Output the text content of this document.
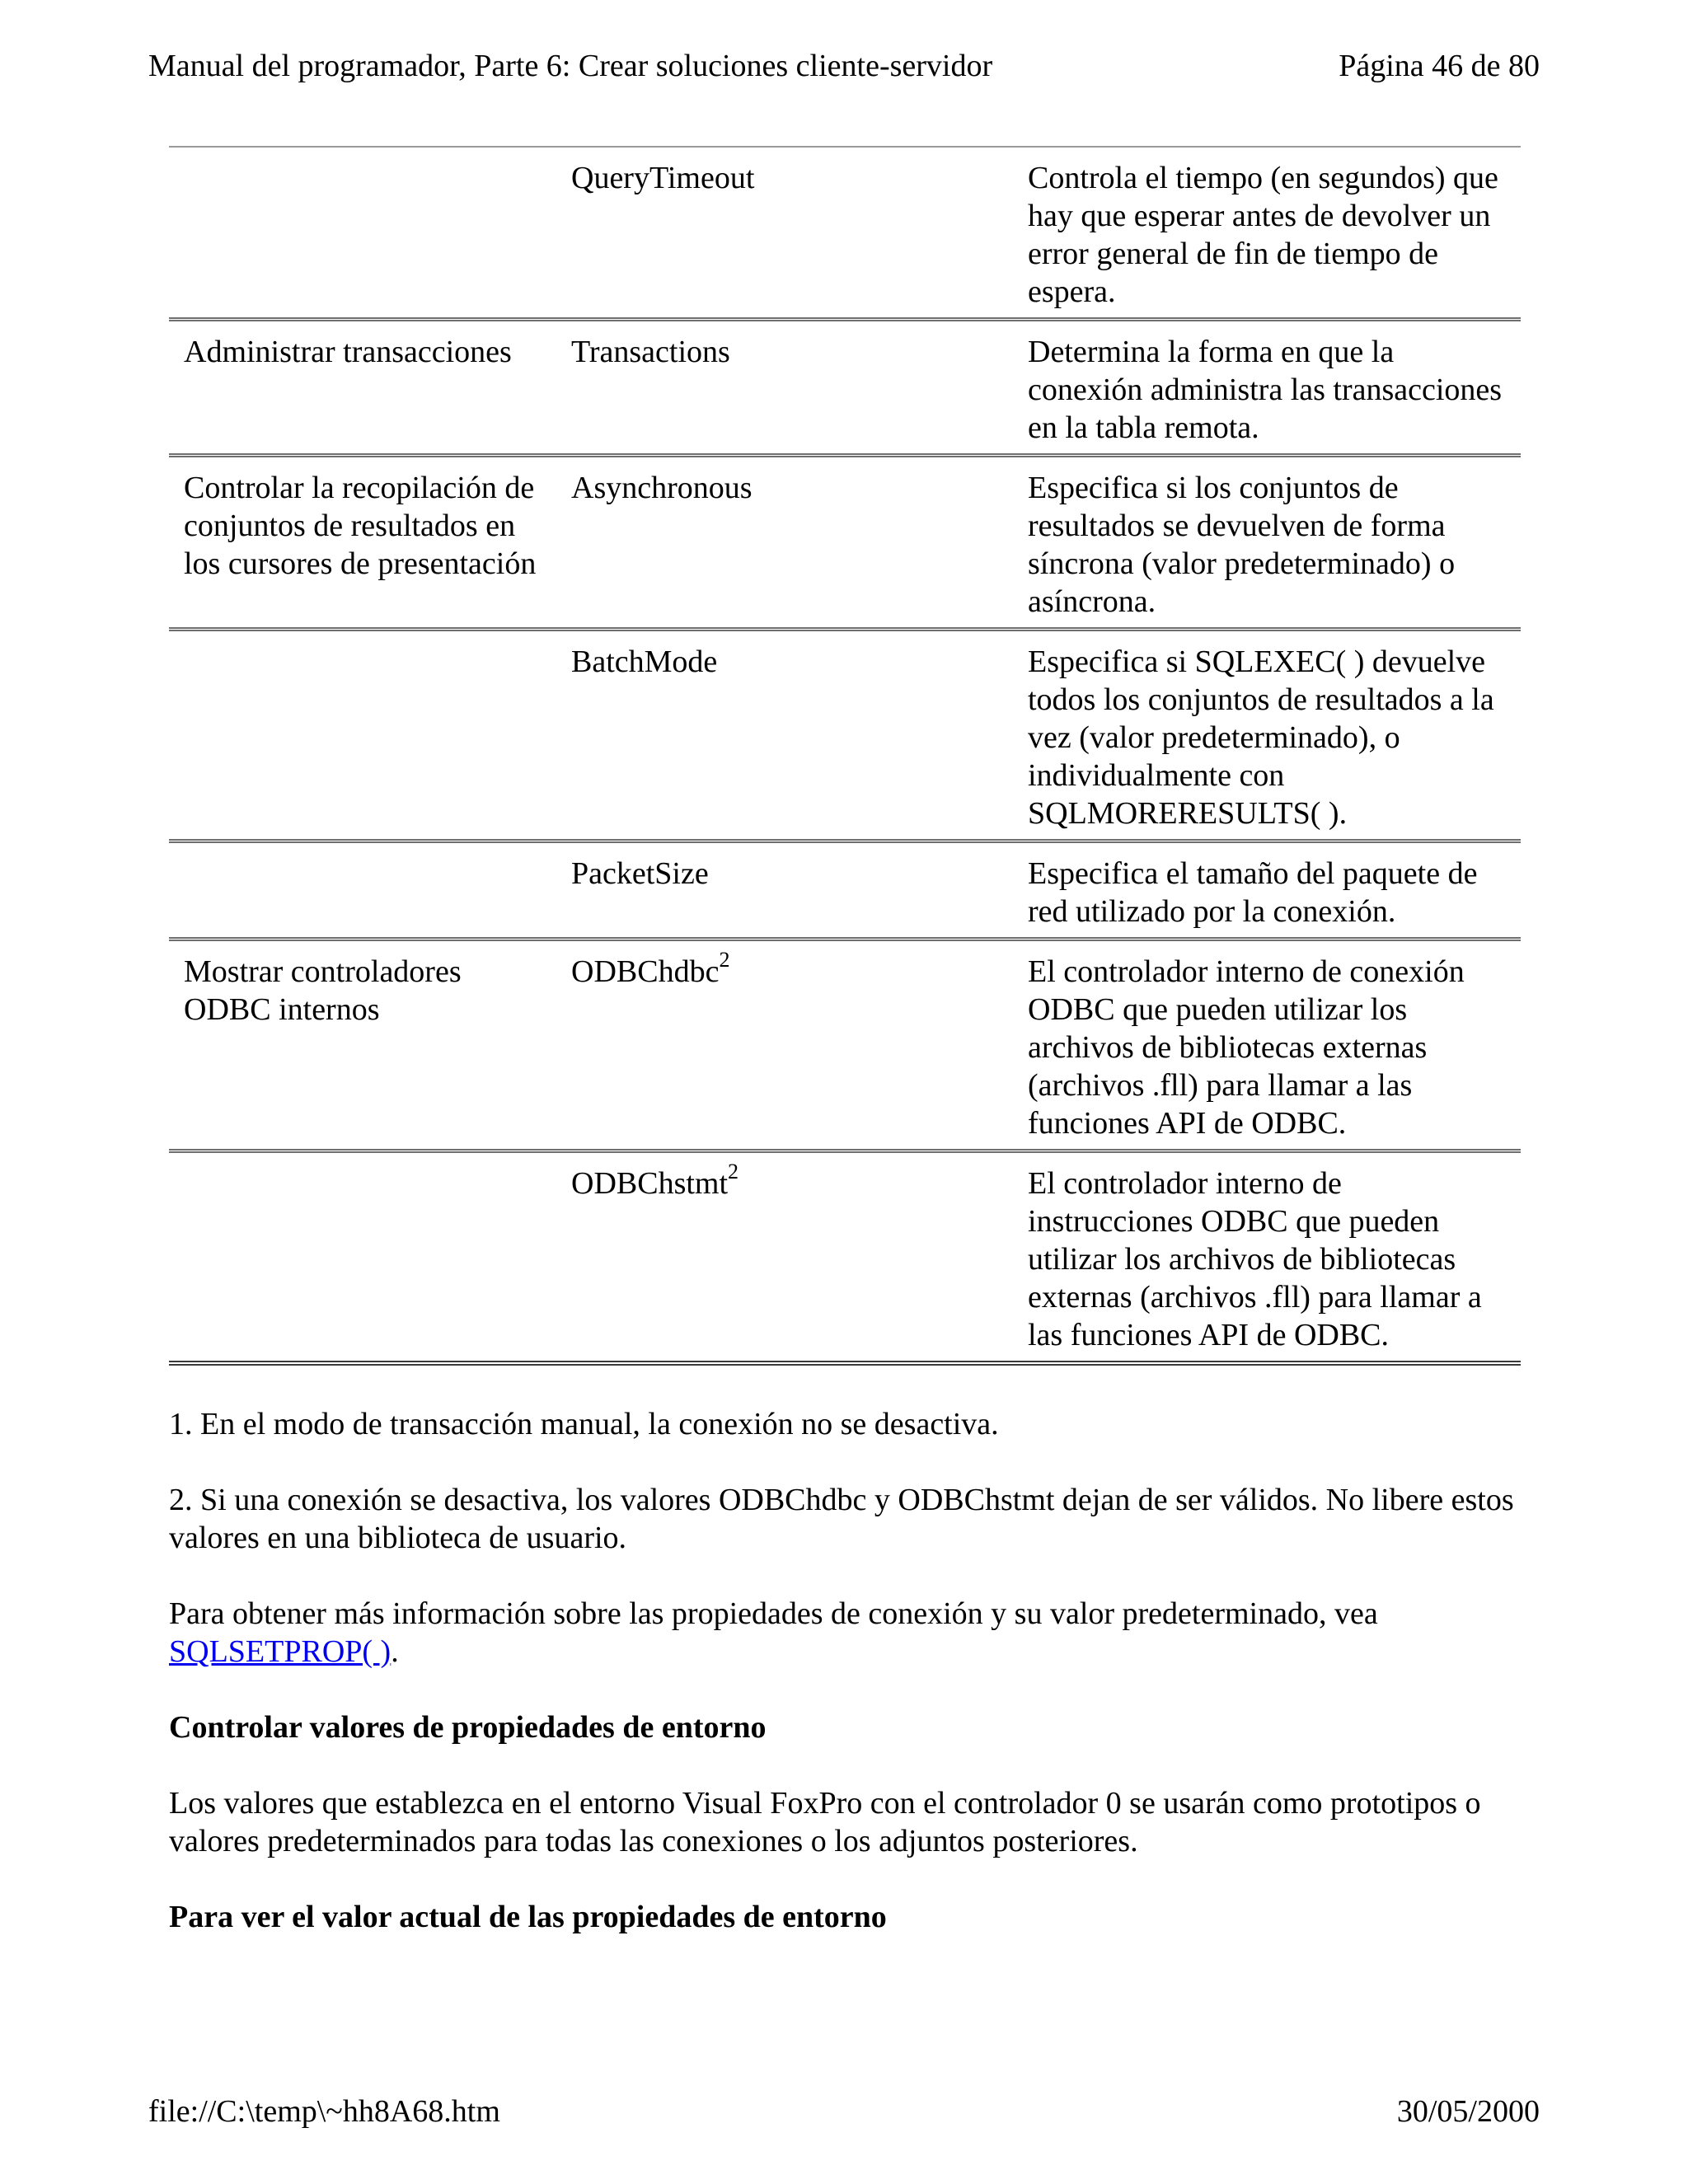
Manual del programador, Parte 6: Crear soluciones cliente-servidor	Página 46 de 80
	QueryTimeout	Controla el tiempo (en segundos) que hay que esperar antes de devolver un error general de fin de tiempo de espera.
Administrar transacciones	Transactions	Determina la forma en que la conexión administra las transacciones en la tabla remota.
Controlar la recopilación de conjuntos de resultados en los cursores de presentación	Asynchronous	Especifica si los conjuntos de resultados se devuelven de forma síncrona (valor predeterminado) o asíncrona.
	BatchMode	Especifica si SQLEXEC( ) devuelve todos los conjuntos de resultados a la vez (valor predeterminado), o individualmente con SQLMORERESULTS( ).
	PacketSize	Especifica el tamaño del paquete de red utilizado por la conexión.
Mostrar controladores ODBC internos	ODBChdbc$^2$	El controlador interno de conexión ODBC que pueden utilizar los archivos de bibliotecas externas (archivos .fll) para llamar a las funciones API de ODBC.
	ODBChstmt$^2$	El controlador interno de instrucciones ODBC que pueden utilizar los archivos de bibliotecas externas (archivos .fll) para llamar a las funciones API de ODBC.

1. En el modo de transacción manual, la conexión no se desactiva.

2. Si una conexión se desactiva, los valores ODBChdbc y ODBChstmt dejan de ser válidos. No libere estos valores en una biblioteca de usuario.

Para obtener más información sobre las propiedades de conexión y su valor predeterminado, vea SQLSETPROP( ).

Controlar valores de propiedades de entorno

Los valores que establezca en el entorno Visual FoxPro con el controlador 0 se usarán como prototipos o valores predeterminados para todas las conexiones o los adjuntos posteriores.

Para ver el valor actual de las propiedades de entorno

file://C:\temp\~hh8A68.htm	30/05/2000
